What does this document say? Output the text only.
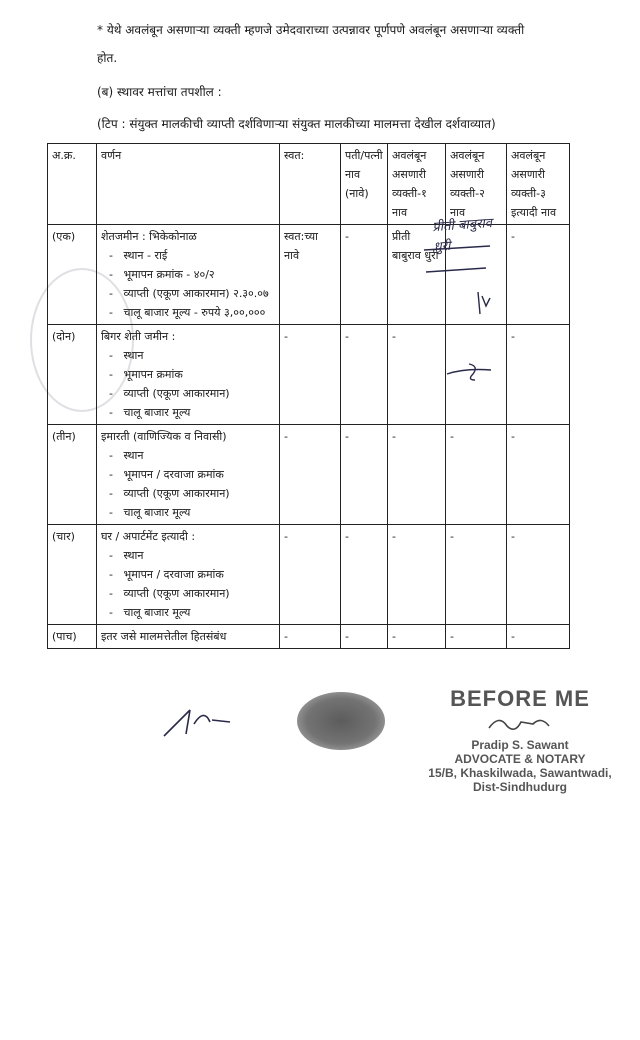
* येथे अवलंबून असणाऱ्या व्यक्ती म्हणजे उमेदवाराच्या उत्पन्नावर पूर्णपणे अवलंबून असणाऱ्या व्यक्ती
होत.
(ब) स्थावर मत्तांचा तपशील :
(टिप : संयुक्त मालकीची व्याप्ती दर्शविणाऱ्या संयुक्त मालकीच्या मालमत्ता देखील दर्शवाव्यात)
अ.क्र.	वर्णन	स्वत:	पती/पत्नी नाव (नावे)	अवलंबून असणारी व्यक्ती-१ नाव	अवलंबून असणारी व्यक्ती-२ नाव	अवलंबून असणारी व्यक्ती-३ इत्यादी नाव
(एक)	शेतजमीन : भिकेकोनाळ
-   स्थान - राई
-   भूमापन क्रमांक - ४०/२
-   व्याप्ती (एकूण आकारमान) २.३०.०७
-   चालू बाजार मूल्य - रुपये ३,००,०००	स्वत:च्या नावे	-	प्रीती बाबुराव धुरी		-
(दोन)	बिगर शेती जमीन :
-   स्थान
-   भूमापन क्रमांक
-   व्याप्ती (एकूण आकारमान)
-   चालू बाजार मूल्य	-	-	-		-
(तीन)	इमारती (वाणिज्यिक व निवासी)
-   स्थान
-   भूमापन / दरवाजा क्रमांक
-   व्याप्ती (एकूण आकारमान)
-   चालू बाजार मूल्य	-	-	-	-	-
(चार)	घर / अपार्टमेंट इत्यादी :
-   स्थान
-   भूमापन / दरवाजा क्रमांक
-   व्याप्ती (एकूण आकारमान)
-   चालू बाजार मूल्य	-	-	-	-	-
(पाच)	इतर जसे मालमत्तेतील हितसंबंध	-	-	-	-	-
प्रीती बाबुराव धुरी
BEFORE ME
Pradip S. Sawant
ADVOCATE & NOTARY
15/B, Khaskilwada, Sawantwadi,
Dist-Sindhudurg
